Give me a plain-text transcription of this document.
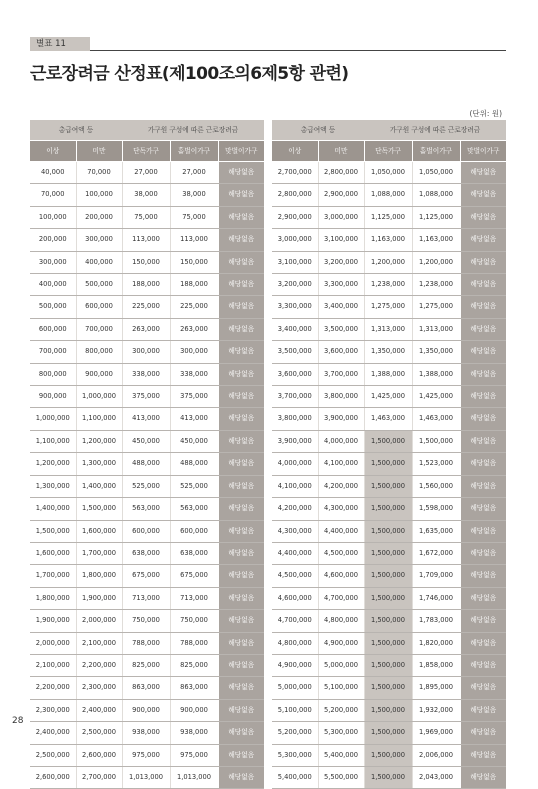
별표 11
근로장려금 산정표(제100조의6제5항 관련)
(단위: 원)
총급여액 등		가구원 구성에 따른 근로장려금		
이상	미만	단독가구	홑벌이가구	맞벌이가구
40,000	70,000	27,000	27,000	해당없음
70,000	100,000	38,000	38,000	해당없음
100,000	200,000	75,000	75,000	해당없음
200,000	300,000	113,000	113,000	해당없음
300,000	400,000	150,000	150,000	해당없음
400,000	500,000	188,000	188,000	해당없음
500,000	600,000	225,000	225,000	해당없음
600,000	700,000	263,000	263,000	해당없음
700,000	800,000	300,000	300,000	해당없음
800,000	900,000	338,000	338,000	해당없음
900,000	1,000,000	375,000	375,000	해당없음
1,000,000	1,100,000	413,000	413,000	해당없음
1,100,000	1,200,000	450,000	450,000	해당없음
1,200,000	1,300,000	488,000	488,000	해당없음
1,300,000	1,400,000	525,000	525,000	해당없음
1,400,000	1,500,000	563,000	563,000	해당없음
1,500,000	1,600,000	600,000	600,000	해당없음
1,600,000	1,700,000	638,000	638,000	해당없음
1,700,000	1,800,000	675,000	675,000	해당없음
1,800,000	1,900,000	713,000	713,000	해당없음
1,900,000	2,000,000	750,000	750,000	해당없음
2,000,000	2,100,000	788,000	788,000	해당없음
2,100,000	2,200,000	825,000	825,000	해당없음
2,200,000	2,300,000	863,000	863,000	해당없음
2,300,000	2,400,000	900,000	900,000	해당없음
2,400,000	2,500,000	938,000	938,000	해당없음
2,500,000	2,600,000	975,000	975,000	해당없음
2,600,000	2,700,000	1,013,000	1,013,000	해당없음
총급여액 등		가구원 구성에 따른 근로장려금		
이상	미만	단독가구	홑벌이가구	맞벌이가구
2,700,000	2,800,000	1,050,000	1,050,000	해당없음
2,800,000	2,900,000	1,088,000	1,088,000	해당없음
2,900,000	3,000,000	1,125,000	1,125,000	해당없음
3,000,000	3,100,000	1,163,000	1,163,000	해당없음
3,100,000	3,200,000	1,200,000	1,200,000	해당없음
3,200,000	3,300,000	1,238,000	1,238,000	해당없음
3,300,000	3,400,000	1,275,000	1,275,000	해당없음
3,400,000	3,500,000	1,313,000	1,313,000	해당없음
3,500,000	3,600,000	1,350,000	1,350,000	해당없음
3,600,000	3,700,000	1,388,000	1,388,000	해당없음
3,700,000	3,800,000	1,425,000	1,425,000	해당없음
3,800,000	3,900,000	1,463,000	1,463,000	해당없음
3,900,000	4,000,000	1,500,000	1,500,000	해당없음
4,000,000	4,100,000	1,500,000	1,523,000	해당없음
4,100,000	4,200,000	1,500,000	1,560,000	해당없음
4,200,000	4,300,000	1,500,000	1,598,000	해당없음
4,300,000	4,400,000	1,500,000	1,635,000	해당없음
4,400,000	4,500,000	1,500,000	1,672,000	해당없음
4,500,000	4,600,000	1,500,000	1,709,000	해당없음
4,600,000	4,700,000	1,500,000	1,746,000	해당없음
4,700,000	4,800,000	1,500,000	1,783,000	해당없음
4,800,000	4,900,000	1,500,000	1,820,000	해당없음
4,900,000	5,000,000	1,500,000	1,858,000	해당없음
5,000,000	5,100,000	1,500,000	1,895,000	해당없음
5,100,000	5,200,000	1,500,000	1,932,000	해당없음
5,200,000	5,300,000	1,500,000	1,969,000	해당없음
5,300,000	5,400,000	1,500,000	2,006,000	해당없음
5,400,000	5,500,000	1,500,000	2,043,000	해당없음
28
